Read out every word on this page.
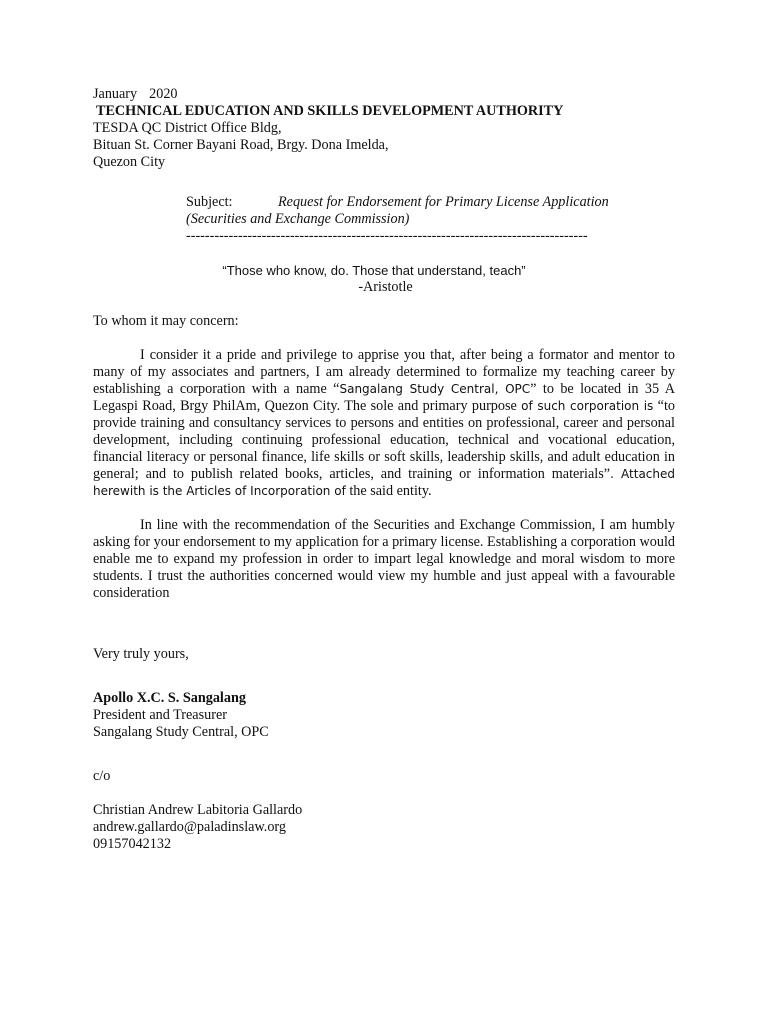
January 2020
TECHNICAL EDUCATION AND SKILLS DEVELOPMENT AUTHORITY
TESDA QC District Office Bldg,
Bituan St. Corner Bayani Road, Brgy. Dona Imelda,
Quezon City
Subject:	Request for Endorsement for Primary License Application
(Securities and Exchange Commission)
-------------------------------------------------------------------------------------
“Those who know, do. Those that understand, teach”
-Aristotle
To whom it may concern:
I consider it a pride and privilege to apprise you that, after being a formator and mentor to many of my associates and partners, I am already determined to formalize my teaching career by establishing a corporation with a name “Sangalang Study Central, OPC” to be located in 35 A Legaspi Road, Brgy PhilAm, Quezon City. The sole and primary purpose of such corporation is “to provide training and consultancy services to persons and entities on professional, career and personal development, including continuing professional education, technical and vocational education, financial literacy or personal finance, life skills or soft skills, leadership skills, and adult education in general; and to publish related books, articles, and training or information materials”. Attached herewith is the Articles of Incorporation of the said entity.
In line with the recommendation of the Securities and Exchange Commission, I am humbly asking for your endorsement to my application for a primary license. Establishing a corporation would enable me to expand my profession in order to impart legal knowledge and moral wisdom to more students. I trust the authorities concerned would view my humble and just appeal with a favourable consideration
Very truly yours,
Apollo X.C. S. Sangalang
President and Treasurer
Sangalang Study Central, OPC
c/o
Christian Andrew Labitoria Gallardo
andrew.gallardo@paladinslaw.org
09157042132
